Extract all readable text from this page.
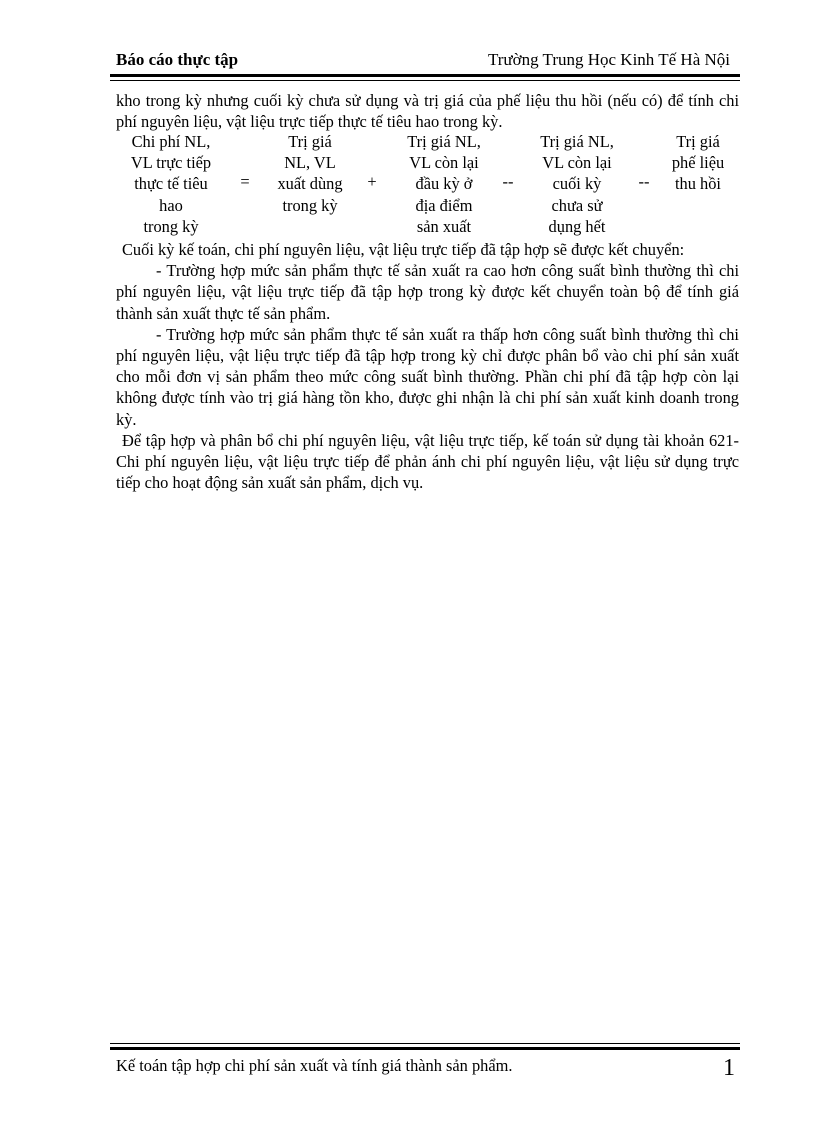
Báo cáo thực tập	Trường Trung Học Kinh Tế Hà Nội

kho trong kỳ nhưng cuối kỳ chưa sử dụng và trị giá của phế liệu thu hồi (nếu có) để tính chi phí nguyên liệu, vật liệu trực tiếp thực tế tiêu hao trong kỳ.

Chi phí NL,
VL trực tiếp
thực tế tiêu
hao
trong kỳ
=
Trị giá
NL, VL
xuất dùng
trong kỳ
+
Trị giá NL,
VL còn lại
đầu kỳ ở
địa điểm
sản xuất
--
Trị giá NL,
VL còn lại
cuối kỳ
chưa sử
dụng hết
--
Trị giá
phế liệu
thu hồi

Cuối kỳ kế toán, chi phí nguyên liệu, vật liệu trực tiếp đã tập hợp sẽ được kết chuyển:

- Trường hợp mức sản phẩm thực tế sản xuất ra cao hơn công suất bình thường thì chi phí nguyên liệu, vật liệu trực tiếp đã tập hợp trong kỳ được kết chuyển toàn bộ để tính giá thành sản xuất thực tế sản phẩm.

- Trường hợp mức sản phẩm thực tế sản xuất ra thấp hơn công suất bình thường thì chi phí nguyên liệu, vật liệu trực tiếp đã tập hợp trong kỳ chỉ được phân bổ vào chi phí sản xuất cho mỗi đơn vị sản phẩm theo mức công suất bình thường. Phần chi phí đã tập hợp còn lại không được tính vào trị giá hàng tồn kho, được ghi nhận là chi phí sản xuất kinh doanh trong kỳ.

Để tập hợp và phân bổ chi phí nguyên liệu, vật liệu trực tiếp, kế toán sử dụng tài khoản 621- Chi phí nguyên liệu, vật liệu trực tiếp để phản ánh chi phí nguyên liệu, vật liệu sử dụng trực tiếp cho hoạt động sản xuất sản phẩm, dịch vụ.

Kế toán tập hợp chi phí sản xuất và tính giá thành sản phẩm.	1
